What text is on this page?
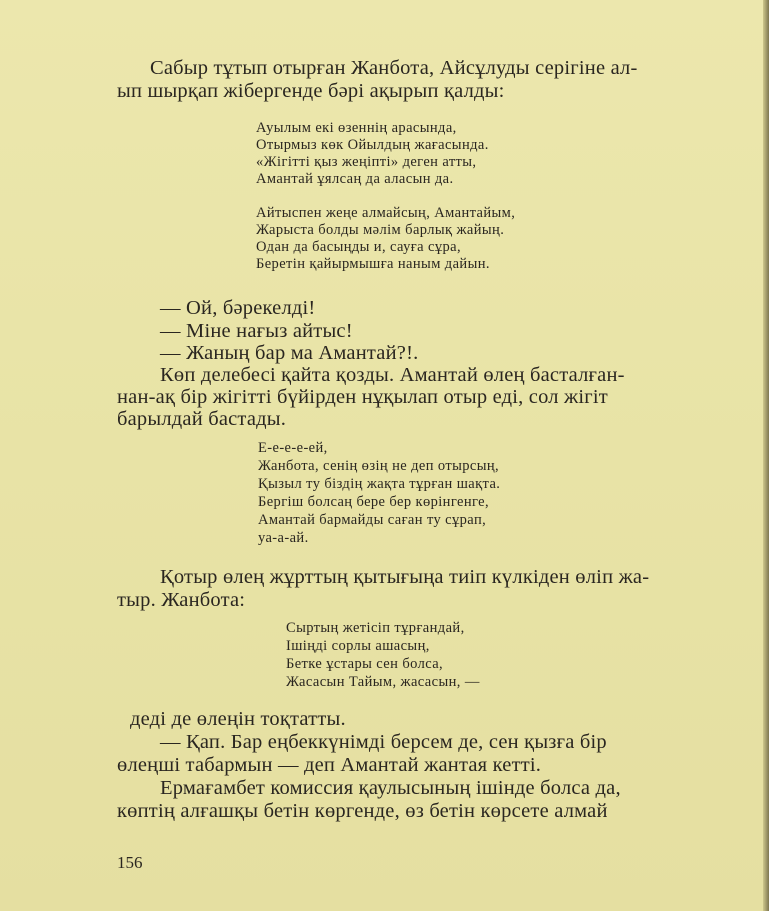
Сабыр тұтып отырған Жанбота, Айсұлуды серігіне ал-

ып шырқап жібергенде бәрі ақырып қалды:

Ауылым екі өзеннің арасында,

Отырмыз көк Ойылдың жағасында.

«Жігітті қыз жеңіпті» деген атты,

Амантай ұялсаң да аласын да.

Айтыспен жеңе алмайсың, Амантайым,

Жарыста болды мәлім барлық жайың.

Одан да басыңды и, сауға сұра,

Беретін қайырмышға наным дайын.

— Ой, бәрекелді!

— Міне нағыз айтыс!

— Жаның бар ма Амантай?!.

Көп делебесі қайта қозды. Амантай өлең басталған-

нан-ақ бір жігітті бүйірден нұқылап отыр еді, сол жігіт

барылдай бастады.

Е-е-е-е-ей,

Жанбота, сенің өзің не деп отырсың,

Қызыл ту біздің жақта тұрған шақта.

Бергіш болсаң бере бер көрінгенге,

Амантай бармайды саған ту сұрап,

уа-а-ай.

Қотыр өлең жұрттың қытығыңа тиіп күлкіден өліп жа-

тыр. Жанбота:

Сыртың жетісіп тұрғандай,

Ішіңді сорлы ашасың,

Бетке ұстары сен болса,

Жасасын Тайым, жасасын, —

деді де өлеңін тоқтатты.

— Қап. Бар еңбеккүнімді берсем де, сен қызға бір

өлеңші табармын — деп Амантай жантая кетті.

Ермағамбет комиссия қаулысының ішінде болса да,

көптің алғашқы бетін көргенде, өз бетін көрсете алмай

156
